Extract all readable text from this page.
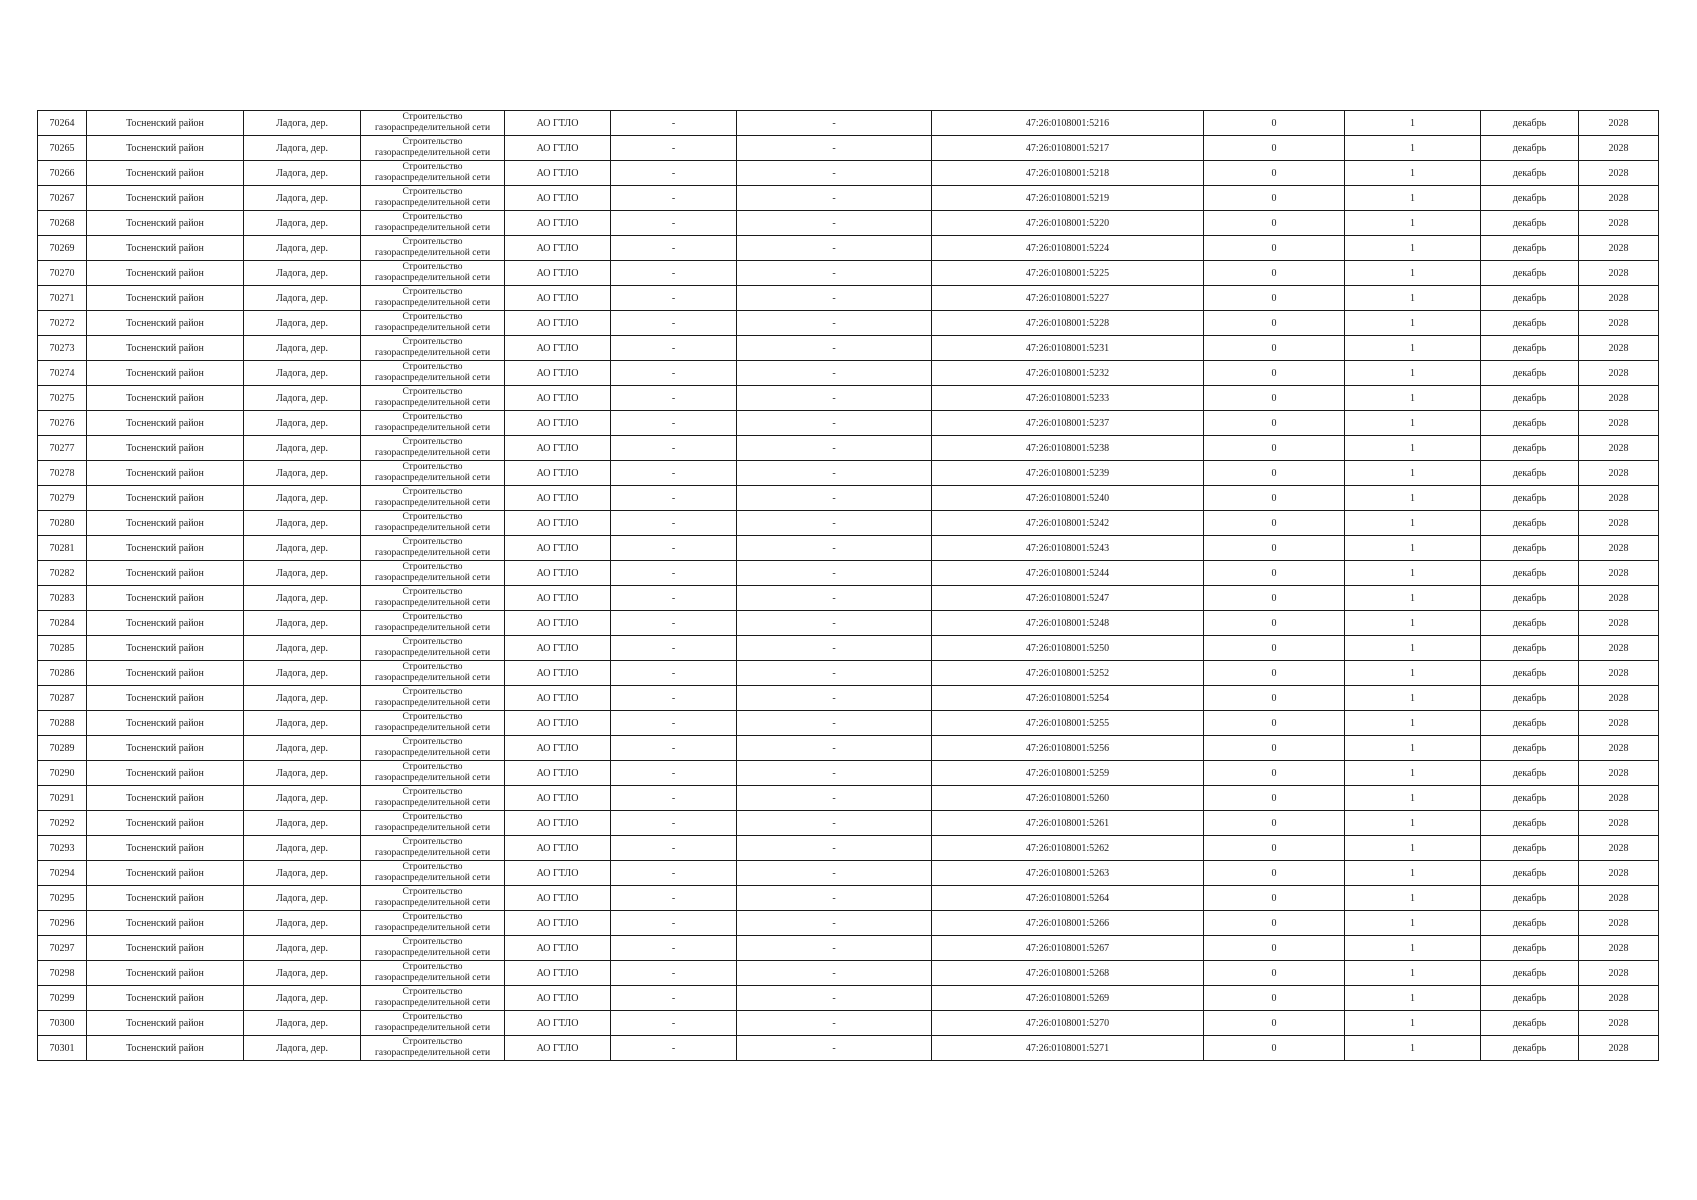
70264	Тосненский район	Ладога, дер.	Строительство
газораспределительной сети	АО ГТЛО	-	-	47:26:0108001:5216	0	1	декабрь	2028
70265	Тосненский район	Ладога, дер.	Строительство
газораспределительной сети	АО ГТЛО	-	-	47:26:0108001:5217	0	1	декабрь	2028
70266	Тосненский район	Ладога, дер.	Строительство
газораспределительной сети	АО ГТЛО	-	-	47:26:0108001:5218	0	1	декабрь	2028
70267	Тосненский район	Ладога, дер.	Строительство
газораспределительной сети	АО ГТЛО	-	-	47:26:0108001:5219	0	1	декабрь	2028
70268	Тосненский район	Ладога, дер.	Строительство
газораспределительной сети	АО ГТЛО	-	-	47:26:0108001:5220	0	1	декабрь	2028
70269	Тосненский район	Ладога, дер.	Строительство
газораспределительной сети	АО ГТЛО	-	-	47:26:0108001:5224	0	1	декабрь	2028
70270	Тосненский район	Ладога, дер.	Строительство
газораспределительной сети	АО ГТЛО	-	-	47:26:0108001:5225	0	1	декабрь	2028
70271	Тосненский район	Ладога, дер.	Строительство
газораспределительной сети	АО ГТЛО	-	-	47:26:0108001:5227	0	1	декабрь	2028
70272	Тосненский район	Ладога, дер.	Строительство
газораспределительной сети	АО ГТЛО	-	-	47:26:0108001:5228	0	1	декабрь	2028
70273	Тосненский район	Ладога, дер.	Строительство
газораспределительной сети	АО ГТЛО	-	-	47:26:0108001:5231	0	1	декабрь	2028
70274	Тосненский район	Ладога, дер.	Строительство
газораспределительной сети	АО ГТЛО	-	-	47:26:0108001:5232	0	1	декабрь	2028
70275	Тосненский район	Ладога, дер.	Строительство
газораспределительной сети	АО ГТЛО	-	-	47:26:0108001:5233	0	1	декабрь	2028
70276	Тосненский район	Ладога, дер.	Строительство
газораспределительной сети	АО ГТЛО	-	-	47:26:0108001:5237	0	1	декабрь	2028
70277	Тосненский район	Ладога, дер.	Строительство
газораспределительной сети	АО ГТЛО	-	-	47:26:0108001:5238	0	1	декабрь	2028
70278	Тосненский район	Ладога, дер.	Строительство
газораспределительной сети	АО ГТЛО	-	-	47:26:0108001:5239	0	1	декабрь	2028
70279	Тосненский район	Ладога, дер.	Строительство
газораспределительной сети	АО ГТЛО	-	-	47:26:0108001:5240	0	1	декабрь	2028
70280	Тосненский район	Ладога, дер.	Строительство
газораспределительной сети	АО ГТЛО	-	-	47:26:0108001:5242	0	1	декабрь	2028
70281	Тосненский район	Ладога, дер.	Строительство
газораспределительной сети	АО ГТЛО	-	-	47:26:0108001:5243	0	1	декабрь	2028
70282	Тосненский район	Ладога, дер.	Строительство
газораспределительной сети	АО ГТЛО	-	-	47:26:0108001:5244	0	1	декабрь	2028
70283	Тосненский район	Ладога, дер.	Строительство
газораспределительной сети	АО ГТЛО	-	-	47:26:0108001:5247	0	1	декабрь	2028
70284	Тосненский район	Ладога, дер.	Строительство
газораспределительной сети	АО ГТЛО	-	-	47:26:0108001:5248	0	1	декабрь	2028
70285	Тосненский район	Ладога, дер.	Строительство
газораспределительной сети	АО ГТЛО	-	-	47:26:0108001:5250	0	1	декабрь	2028
70286	Тосненский район	Ладога, дер.	Строительство
газораспределительной сети	АО ГТЛО	-	-	47:26:0108001:5252	0	1	декабрь	2028
70287	Тосненский район	Ладога, дер.	Строительство
газораспределительной сети	АО ГТЛО	-	-	47:26:0108001:5254	0	1	декабрь	2028
70288	Тосненский район	Ладога, дер.	Строительство
газораспределительной сети	АО ГТЛО	-	-	47:26:0108001:5255	0	1	декабрь	2028
70289	Тосненский район	Ладога, дер.	Строительство
газораспределительной сети	АО ГТЛО	-	-	47:26:0108001:5256	0	1	декабрь	2028
70290	Тосненский район	Ладога, дер.	Строительство
газораспределительной сети	АО ГТЛО	-	-	47:26:0108001:5259	0	1	декабрь	2028
70291	Тосненский район	Ладога, дер.	Строительство
газораспределительной сети	АО ГТЛО	-	-	47:26:0108001:5260	0	1	декабрь	2028
70292	Тосненский район	Ладога, дер.	Строительство
газораспределительной сети	АО ГТЛО	-	-	47:26:0108001:5261	0	1	декабрь	2028
70293	Тосненский район	Ладога, дер.	Строительство
газораспределительной сети	АО ГТЛО	-	-	47:26:0108001:5262	0	1	декабрь	2028
70294	Тосненский район	Ладога, дер.	Строительство
газораспределительной сети	АО ГТЛО	-	-	47:26:0108001:5263	0	1	декабрь	2028
70295	Тосненский район	Ладога, дер.	Строительство
газораспределительной сети	АО ГТЛО	-	-	47:26:0108001:5264	0	1	декабрь	2028
70296	Тосненский район	Ладога, дер.	Строительство
газораспределительной сети	АО ГТЛО	-	-	47:26:0108001:5266	0	1	декабрь	2028
70297	Тосненский район	Ладога, дер.	Строительство
газораспределительной сети	АО ГТЛО	-	-	47:26:0108001:5267	0	1	декабрь	2028
70298	Тосненский район	Ладога, дер.	Строительство
газораспределительной сети	АО ГТЛО	-	-	47:26:0108001:5268	0	1	декабрь	2028
70299	Тосненский район	Ладога, дер.	Строительство
газораспределительной сети	АО ГТЛО	-	-	47:26:0108001:5269	0	1	декабрь	2028
70300	Тосненский район	Ладога, дер.	Строительство
газораспределительной сети	АО ГТЛО	-	-	47:26:0108001:5270	0	1	декабрь	2028
70301	Тосненский район	Ладога, дер.	Строительство
газораспределительной сети	АО ГТЛО	-	-	47:26:0108001:5271	0	1	декабрь	2028
